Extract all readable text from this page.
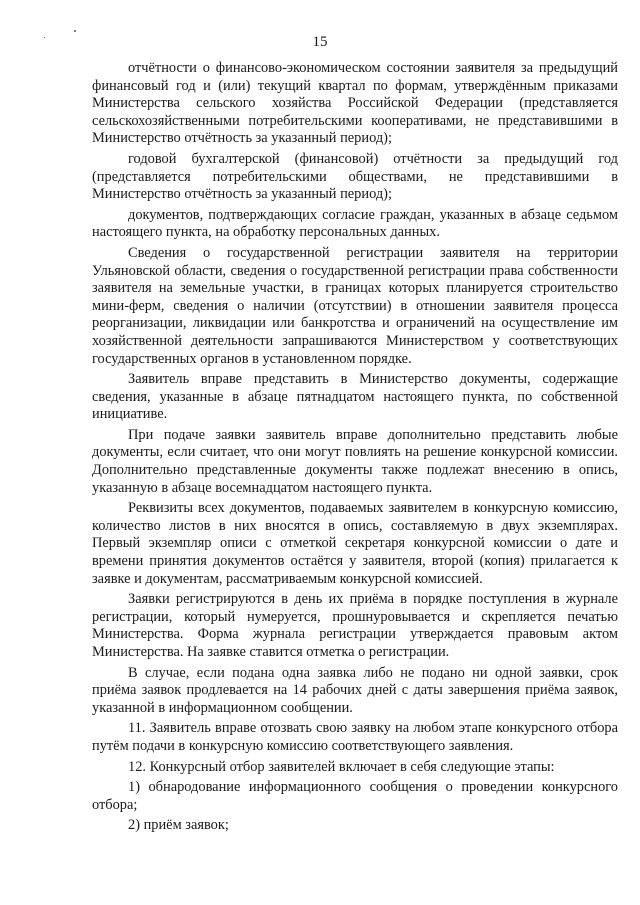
15

отчётности о финансово-экономическом состоянии заявителя за предыдущий финансовый год и (или) текущий квартал по формам, утверждённым приказами Министерства сельского хозяйства Российской Федерации (представляется сельскохозяйственными потребительскими кооперативами, не представившими в Министерство отчётность за указанный период);

годовой бухгалтерской (финансовой) отчётности за предыдущий год (представляется потребительскими обществами, не представившими в Министерство отчётность за указанный период);

документов, подтверждающих согласие граждан, указанных в абзаце седьмом настоящего пункта, на обработку персональных данных.

Сведения о государственной регистрации заявителя на территории Ульяновской области, сведения о государственной регистрации права собственности заявителя на земельные участки, в границах которых планируется строительство мини-ферм, сведения о наличии (отсутствии) в отношении заявителя процесса реорганизации, ликвидации или банкротства и ограничений на осуществление им хозяйственной деятельности запрашиваются Министерством у соответствующих государственных органов в установленном порядке.

Заявитель вправе представить в Министерство документы, содержащие сведения, указанные в абзаце пятнадцатом настоящего пункта, по собственной инициативе.

При подаче заявки заявитель вправе дополнительно представить любые документы, если считает, что они могут повлиять на решение конкурсной комиссии. Дополнительно представленные документы также подлежат внесению в опись, указанную в абзаце восемнадцатом настоящего пункта.

Реквизиты всех документов, подаваемых заявителем в конкурсную комиссию, количество листов в них вносятся в опись, составляемую в двух экземплярах. Первый экземпляр описи с отметкой секретаря конкурсной комиссии о дате и времени принятия документов остаётся у заявителя, второй (копия) прилагается к заявке и документам, рассматриваемым конкурсной комиссией.

Заявки регистрируются в день их приёма в порядке поступления в журнале регистрации, который нумеруется, прошнуровывается и скрепляется печатью Министерства. Форма журнала регистрации утверждается правовым актом Министерства. На заявке ставится отметка о регистрации.

В случае, если подана одна заявка либо не подано ни одной заявки, срок приёма заявок продлевается на 14 рабочих дней с даты завершения приёма заявок, указанной в информационном сообщении.

11. Заявитель вправе отозвать свою заявку на любом этапе конкурсного отбора путём подачи в конкурсную комиссию соответствующего заявления.

12. Конкурсный отбор заявителей включает в себя следующие этапы:

1) обнародование информационного сообщения о проведении конкурсного отбора;

2) приём заявок;
